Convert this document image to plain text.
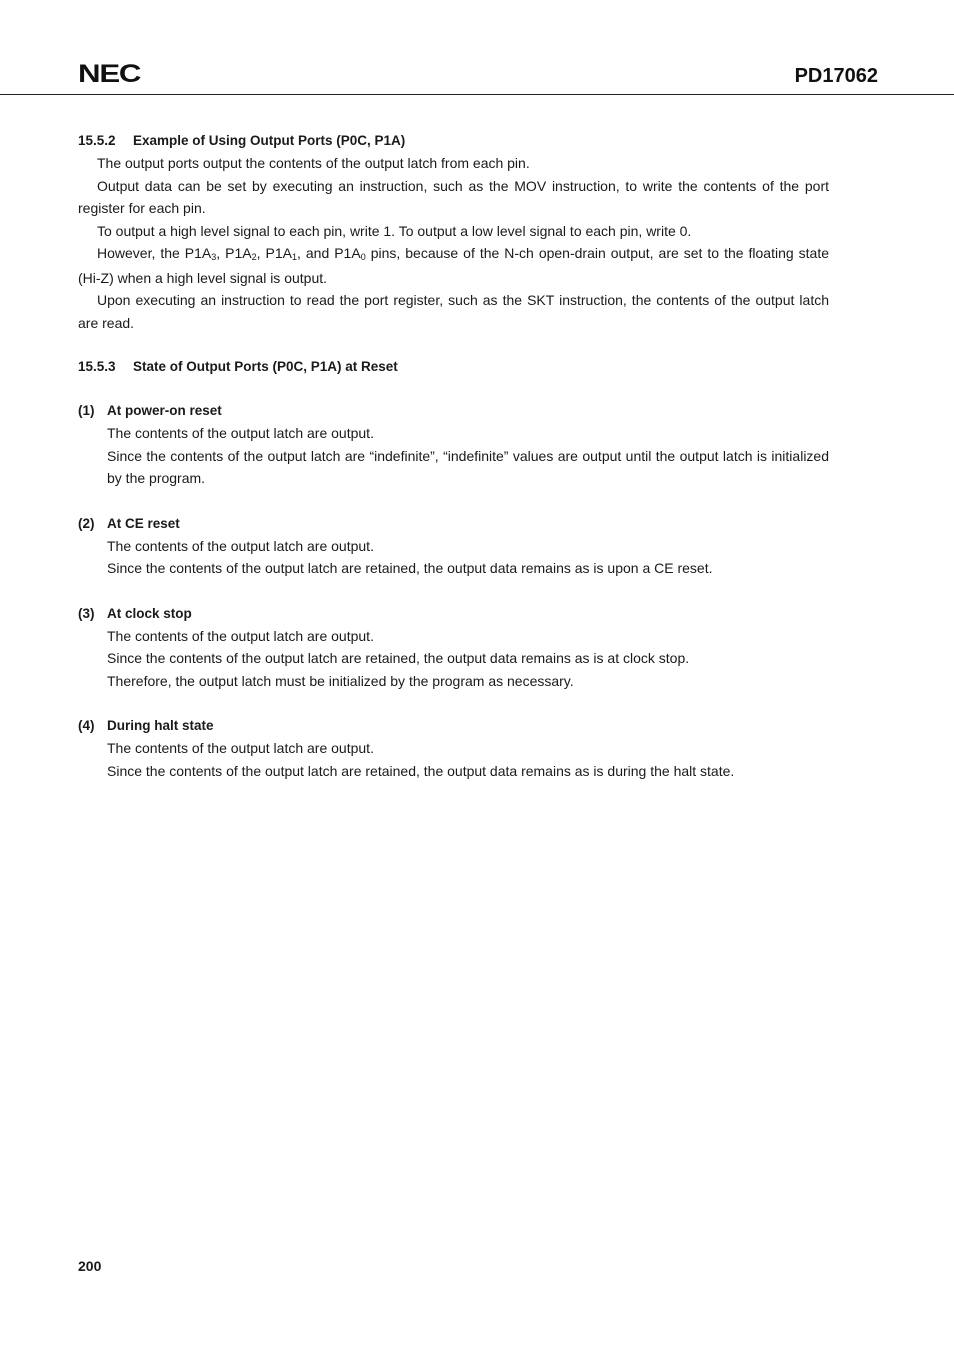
NEC	PD17062
15.5.2 Example of Using Output Ports (P0C, P1A)

The output ports output the contents of the output latch from each pin.

Output data can be set by executing an instruction, such as the MOV instruction, to write the contents of the port register for each pin.

To output a high level signal to each pin, write 1. To output a low level signal to each pin, write 0.

However, the $P1A_3$, $P1A_2$, $P1A_1$, and $P1A_0$ pins, because of the N-ch open-drain output, are set to the floating state (Hi-Z) when a high level signal is output.

Upon executing an instruction to read the port register, such as the SKT instruction, the contents of the output latch are read.

15.5.3 State of Output Ports (P0C, P1A) at Reset
(1) At power-on reset

The contents of the output latch are output.

Since the contents of the output latch are “indefinite”, “indefinite” values are output until the output latch is initialized by the program.

(2) At CE reset

The contents of the output latch are output.

Since the contents of the output latch are retained, the output data remains as is upon a CE reset.

(3) At clock stop

The contents of the output latch are output.

Since the contents of the output latch are retained, the output data remains as is at clock stop.

Therefore, the output latch must be initialized by the program as necessary.

(4) During halt state

The contents of the output latch are output.

Since the contents of the output latch are retained, the output data remains as is during the halt state.

200
